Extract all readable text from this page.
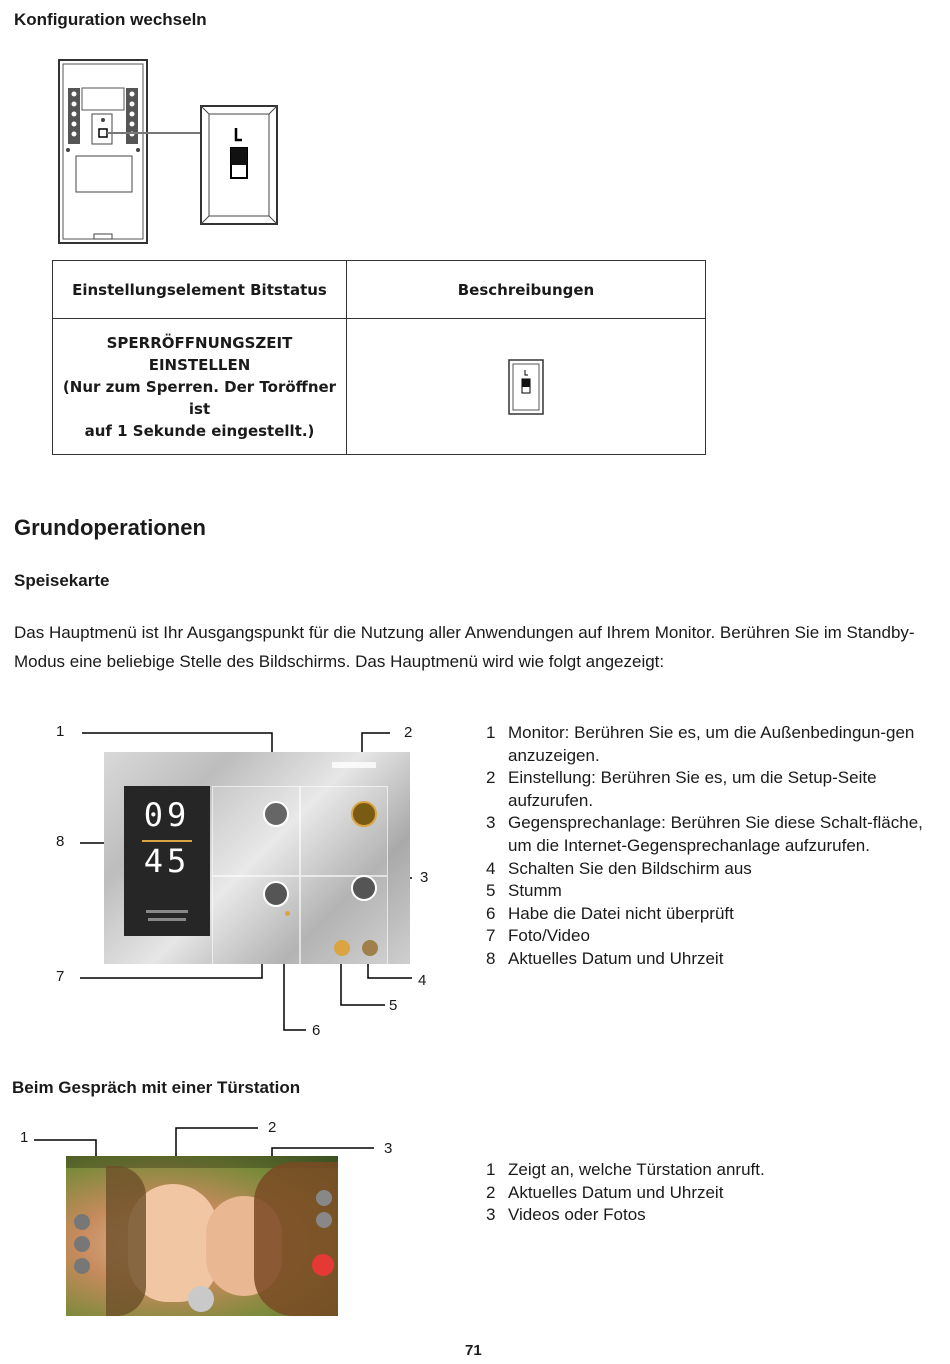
Konfiguration wechseln
Einstellungselement Bitstatus	Beschreibungen

SPERRÖFFNUNGSZEIT EINSTELLEN
(Nur zum Sperren. Der Toröffner ist
auf 1 Sekunde eingestellt.)

Grundoperationen
Speisekarte
Das Hauptmenü ist Ihr Ausgangspunkt für die Nutzung aller Anwendungen auf Ihrem Monitor. Berühren Sie im Standby-Modus eine beliebige Stelle des Bildschirms. Das Hauptmenü wird wie folgt angezeigt:
09
45
1	2
3
4
5
6
7
8
1 Monitor: Berühren Sie es, um die Außenbedingun-gen anzuzeigen.
2 Einstellung: Berühren Sie es, um die Setup-Seite aufzurufen.
3 Gegensprechanlage: Berühren Sie diese Schalt-fläche, um die Internet-Gegensprechanlage aufzurufen.
4 Schalten Sie den Bildschirm aus
5 Stumm
6 Habe die Datei nicht überprüft
7 Foto/Video
8 Aktuelles Datum und Uhrzeit
Beim Gespräch mit einer Türstation
1
2
3
1 Zeigt an, welche Türstation anruft.
2 Aktuelles Datum und Uhrzeit
3 Videos oder Fotos
71
